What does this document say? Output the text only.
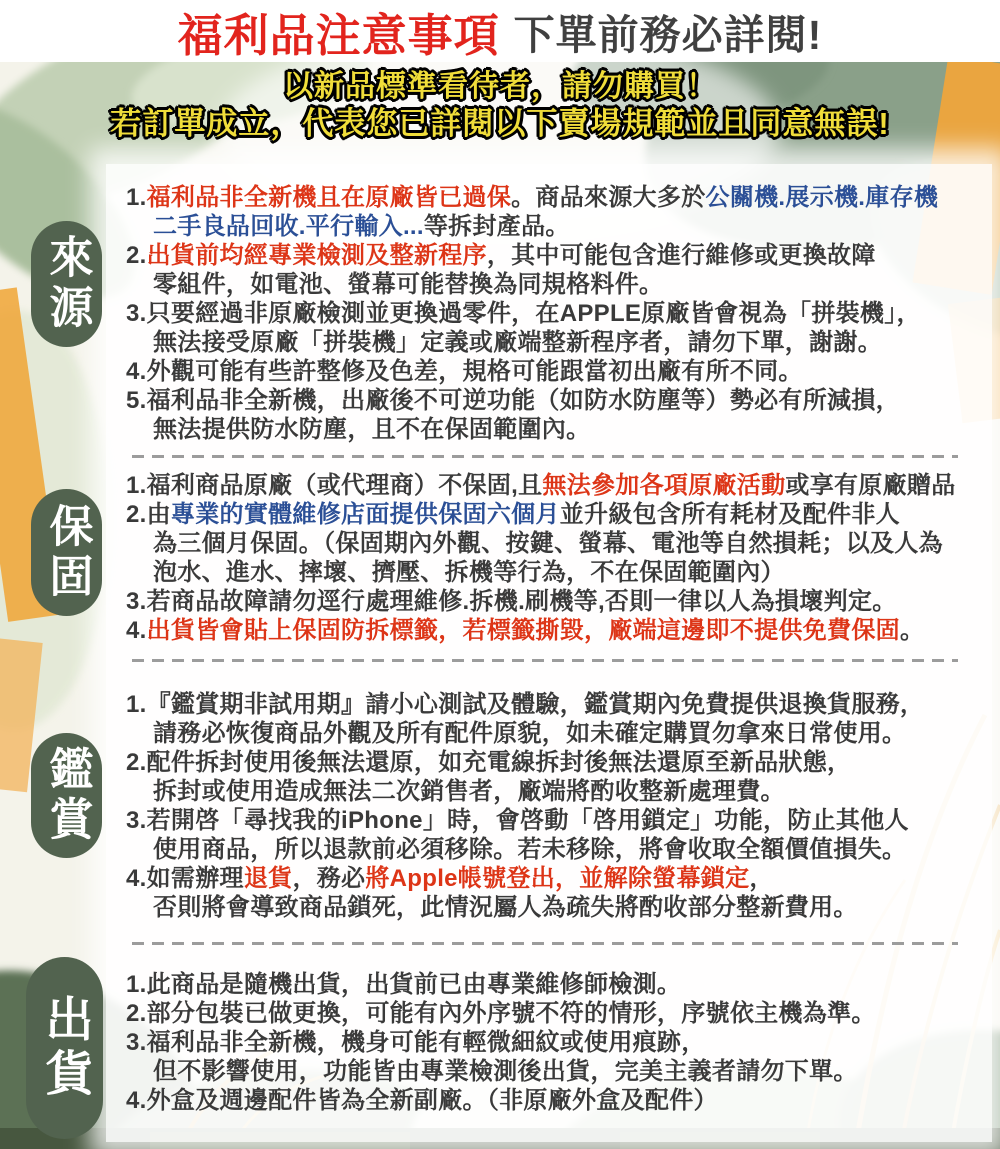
福利品注意事項 下單前務必詳閱!
以新品標準看待者，請勿購買！
若訂單成立，代表您已詳閱以下賣場規範並且同意無誤!
來源
保固
鑑賞
出貨
1.福利品非全新機且在原廠皆已過保。商品來源大多於公關機.展示機.庫存機
二手良品回收.平行輸入...等拆封產品。
2.出貨前均經專業檢測及整新程序，其中可能包含進行維修或更換故障
零組件，如電池、螢幕可能替換為同規格料件。
3.只要經過非原廠檢測並更換過零件，在APPLE原廠皆會視為「拼裝機」，
無法接受原廠「拼裝機」定義或廠端整新程序者，請勿下單，謝謝。
4.外觀可能有些許整修及色差，規格可能跟當初出廠有所不同。
5.福利品非全新機，出廠後不可逆功能（如防水防塵等）勢必有所減損，
無法提供防水防塵，且不在保固範圍內。
1.福利商品原廠（或代理商）不保固,且無法參加各項原廠活動或享有原廠贈品
2.由專業的實體維修店面提供保固六個月並升級包含所有耗材及配件非人
為三個月保固。（保固期內外觀、按鍵、螢幕、電池等自然損耗；以及人為
泡水、進水、摔壞、擠壓、拆機等行為，不在保固範圍內）
3.若商品故障請勿逕行處理維修.拆機.刷機等,否則一律以人為損壞判定。
4.出貨皆會貼上保固防拆標籤，若標籤撕毀，廠端這邊即不提供免費保固。
1.『鑑賞期非試用期』請小心測試及體驗，鑑賞期內免費提供退換貨服務，
請務必恢復商品外觀及所有配件原貌，如未確定購買勿拿來日常使用。
2.配件拆封使用後無法還原，如充電線拆封後無法還原至新品狀態，
拆封或使用造成無法二次銷售者，廠端將酌收整新處理費。
3.若開啓「尋找我的iPhone」時，會啓動「啓用鎖定」功能，防止其他人
使用商品，所以退款前必須移除。若未移除，將會收取全額價值損失。
4.如需辦理退貨，務必將Apple帳號登出，並解除螢幕鎖定，
否則將會導致商品鎖死，此情況屬人為疏失將酌收部分整新費用。
1.此商品是隨機出貨，出貨前已由專業維修師檢測。
2.部分包裝已做更換，可能有內外序號不符的情形，序號依主機為準。
3.福利品非全新機，機身可能有輕微細紋或使用痕跡，
但不影響使用，功能皆由專業檢測後出貨，完美主義者請勿下單。
4.外盒及週邊配件皆為全新副廠。（非原廠外盒及配件）
